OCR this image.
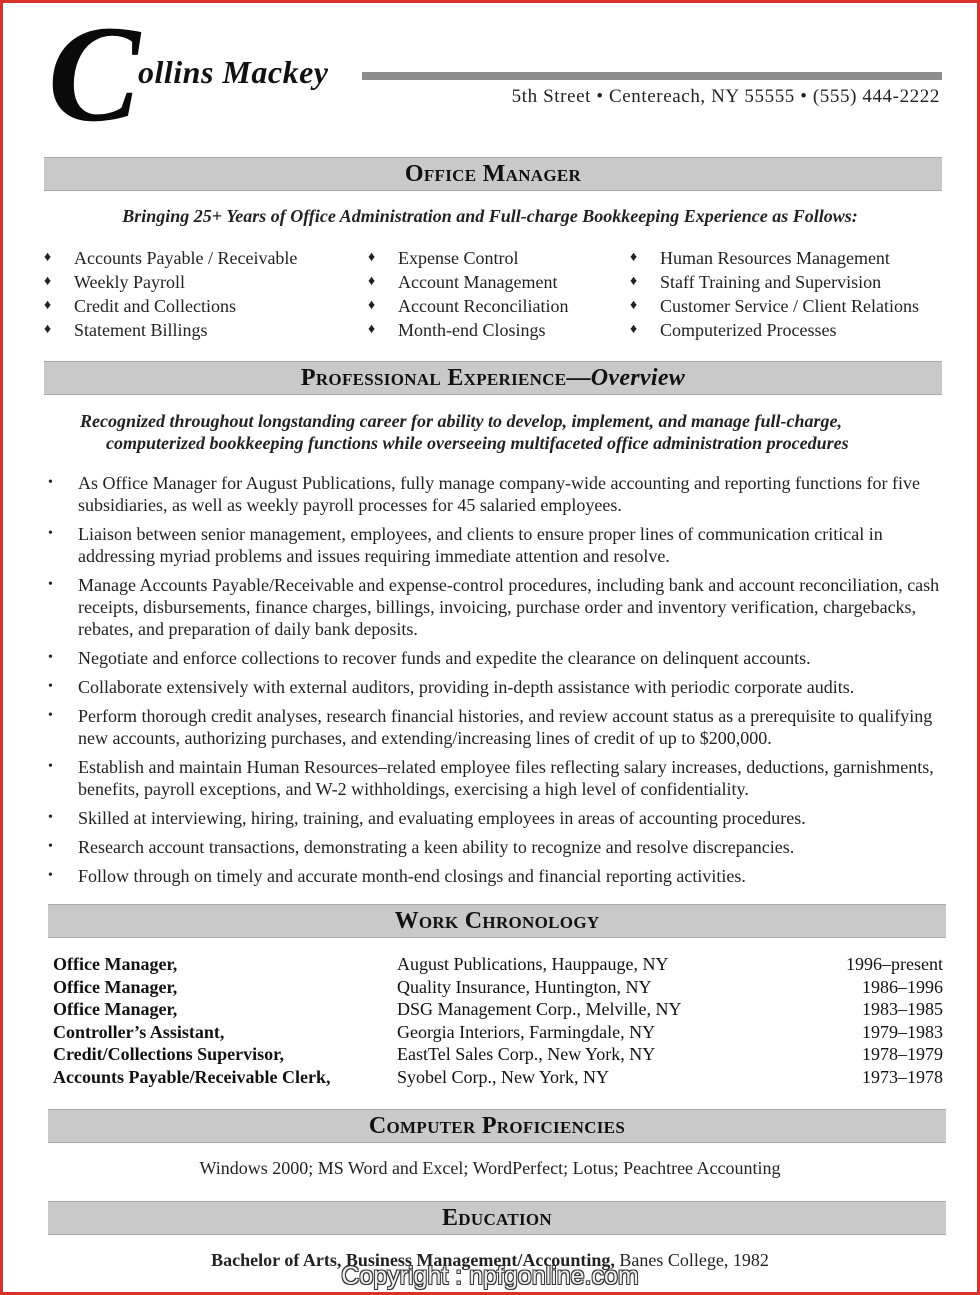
C
ollins Mackey
5th Street • Centereach, NY 55555 • (555) 444-2222
Office Manager
Bringing 25+ Years of Office Administration and Full-charge Bookkeeping Experience as Follows:
♦	Accounts Payable / Receivable
♦	Weekly Payroll
♦	Credit and Collections
♦	Statement Billings
♦	Expense Control
♦	Account Management
♦	Account Reconciliation
♦	Month-end Closings
♦	Human Resources Management
♦	Staff Training and Supervision
♦	Customer Service / Client Relations
♦	Computerized Processes
Professional Experience— Overview
Recognized throughout longstanding career for ability to develop, implement, and manage full-charge,
computerized bookkeeping functions while overseeing multifaceted office administration procedures
• As Office Manager for August Publications, fully manage company-wide accounting and reporting functions for five subsidiaries, as well as weekly payroll processes for 45 salaried employees.
• Liaison between senior management, employees, and clients to ensure proper lines of communication critical in addressing myriad problems and issues requiring immediate attention and resolve.
• Manage Accounts Payable/Receivable and expense-control procedures, including bank and account reconciliation, cash receipts, disbursements, finance charges, billings, invoicing, purchase order and inventory verification, chargebacks, rebates, and preparation of daily bank deposits.
• Negotiate and enforce collections to recover funds and expedite the clearance on delinquent accounts.
• Collaborate extensively with external auditors, providing in-depth assistance with periodic corporate audits.
• Perform thorough credit analyses, research financial histories, and review account status as a prerequisite to qualifying new accounts, authorizing purchases, and extending/increasing lines of credit of up to $200,000.
• Establish and maintain Human Resources–related employee files reflecting salary increases, deductions, garnishments, benefits, payroll exceptions, and W-2 withholdings, exercising a high level of confidentiality.
• Skilled at interviewing, hiring, training, and evaluating employees in areas of accounting procedures.
• Research account transactions, demonstrating a keen ability to recognize and resolve discrepancies.
• Follow through on timely and accurate month-end closings and financial reporting activities.
Work Chronology
Office Manager,	August Publications, Hauppauge, NY	1996–present
Office Manager,	Quality Insurance, Huntington, NY	1986–1996
Office Manager,	DSG Management Corp., Melville, NY	1983–1985
Controller’s Assistant,	Georgia Interiors, Farmingdale, NY	1979–1983
Credit/Collections Supervisor,	EastTel Sales Corp., New York, NY	1978–1979
Accounts Payable/Receivable Clerk,	Syobel Corp., New York, NY	1973–1978
Computer Proficiencies
Windows 2000; MS Word and Excel; WordPerfect; Lotus; Peachtree Accounting
Education
Bachelor of Arts, Business Management/Accounting, Banes College, 1982
Copyright : npfgonline.com
